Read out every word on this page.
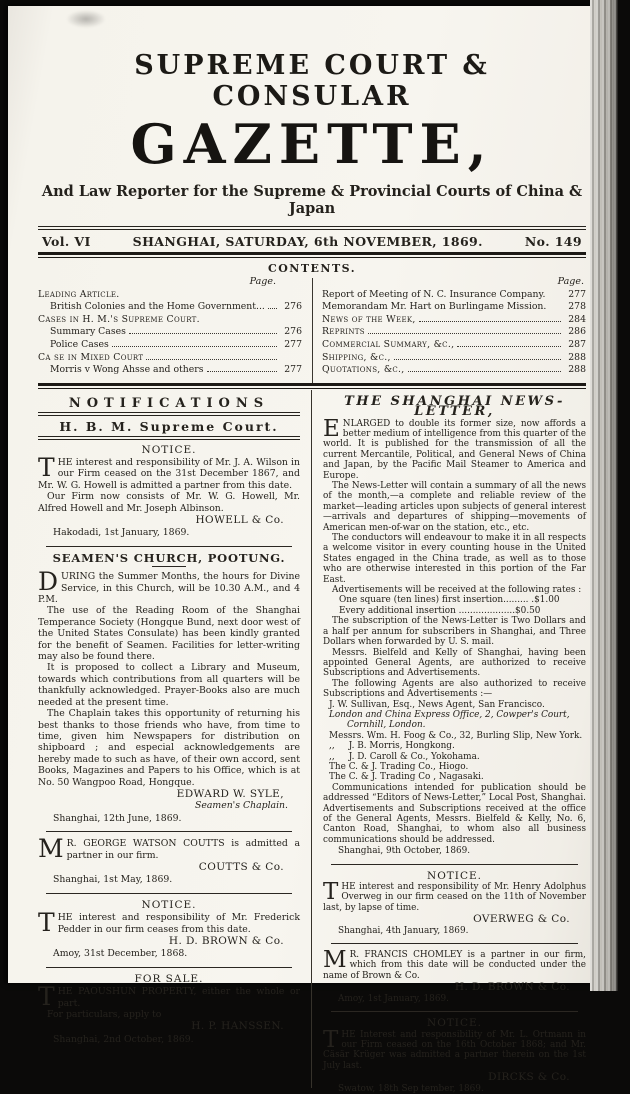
SUPREME COURT & CONSULAR
GAZETTE,
And Law Reporter for the Supreme & Provincial Courts of China & Japan
Vol. VI	SHANGHAI, SATURDAY, 6th NOVEMBER, 1869.	No. 149
CONTENTS.
Page.
Leading Article.
British Colonies and the Home Government...	276
Cases in H. M.'s Supreme Court.
Summary Cases	276
Police Cases	277
Ca se in Mixed Court
Morris v Wong Ahsse and others	277
Page.
Report of Meeting of N. C. Insurance Company.	277
Memorandam Mr. Hart on Burlingame Mission.	278
News of the Week,	284
Reprints	286
Commercial Summary, &c.,	287
Shipping, &c.,	288
Quotations, &c.,	288
NOTIFICATIONS
H. B. M. Supreme Court.
NOTICE.

THE interest and responsibility of Mr. J. A. Wilson in our Firm ceased on the 31st December 1867, and Mr. W. G. Howell is admitted a partner from this date.

Our Firm now consists of Mr. W. G. Howell, Mr. Alfred Howell and Mr. Joseph Albinson.

HOWELL & Co.
Hakodadi, 1st January, 1869.
SEAMEN'S CHURCH, POOTUNG.

DURING the Summer Months, the hours for Divine Service, in this Church, will be 10.30 A.M., and 4 P.M.

The use of the Reading Room of the Shanghai Temperance Society (Hongque Bund, next door west of the United States Consulate) has been kindly granted for the benefit of Seamen. Facilities for letter-writing may also be found there.

It is proposed to collect a Library and Museum, towards which contributions from all quarters will be thankfully acknowledged. Prayer-Books also are much needed at the present time.

The Chaplain takes this opportunity of returning his best thanks to those friends who have, from time to time, given him Newspapers for distribution on shipboard ; and especial acknowledgements are hereby made to such as have, of their own accord, sent Books, Magazines and Papers to his Office, which is at No. 50 Wangpoo Road, Hongque.

EDWARD W. SYLE,
Seamen's Chaplain.
Shanghai, 12th June, 1869.

MR. GEORGE WATSON COUTTS is admitted a partner in our firm.

COUTTS & Co.
Shanghai, 1st May, 1869.
NOTICE.

THE interest and responsibility of Mr. Frederick Pedder in our firm ceases from this date.

H. D. BROWN & Co.
Amoy, 31st December, 1868.
FOR SALE.

THE PAOUSHUN PROPERTY, either the whole or part.

For particulars, apply to

H. P. HANSSEN.
Shanghai, 2nd October, 1869.
THE SHANGHAI NEWS-LETTER,

ENLARGED to double its former size, now affords a better medium of intelligence from this quarter of the world. It is published for the transmission of all the current Mercantile, Political, and General News of China and Japan, by the Pacific Mail Steamer to America and Europe.

The News-Letter will contain a summary of all the news of the month,—a complete and reliable review of the market—leading articles upon subjects of general interest—arrivals and departures of shipping—movements of American men-of-war on the station, etc., etc.

The conductors will endeavour to make it in all respects a welcome visitor in every counting house in the United States engaged in the China trade, as well as to those who are otherwise interested in this portion of the Far East.

Advertisements will be received at the following rates :

One square (ten lines) first insertion......... .$1.00
Every additional insertion ....................$0.50

The subscription of the News-Letter is Two Dollars and a half per annum for subscribers in Shanghai, and Three Dollars when forwarded by U. S. mail.

Messrs. Bielfeld and Kelly of Shanghai, having been appointed General Agents, are authorized to receive Subscriptions and Advertisements.

The following Agents are also authorized to receive Subscriptions and Advertisements :—

J. W. Sullivan, Esq., News Agent, San Francisco.
London and China Express Office, 2, Cowper's Court, Cornhill, London.
Messrs. Wm. H. Foog & Co., 32, Burling Slip, New York.
,,     J. B. Morris, Hongkong.
,,     J. D. Caroll & Co., Yokohama.
The C. & J. Trading Co., Hiogo.
The C. & J. Trading Co , Nagasaki.

Communications intended for publication should be addressed “Editors of News-Letter,” Local Post, Shanghai. Advertisements and Subscriptions received at the office of the General Agents, Messrs. Bielfeld & Kelly, No. 6, Canton Road, Shanghai, to whom also all business communications should be addressed.

Shanghai, 9th October, 1869.
NOTICE.

THE interest and responsibility of Mr. Henry Adolphus Overweg in our firm ceased on the 11th of November last, by lapse of time.

OVERWEG & Co.
Shanghai, 4th January, 1869.

MR. FRANCIS CHOMLEY is a partner in our firm, which from this date will be conducted under the name of Brown & Co.

H. D. BROWN & Co.
Amoy, 1st January, 1869.
NOTICE.

THE Interest and responsibility of Mr. L. Ortmann in our Firm ceased on the 16th October 1868; and Mr. Cäsär Krüger was admitted a partner therein on the 1st July last.

DIRCKS & Co.
Swatow, 18th Sep tember, 1869.
